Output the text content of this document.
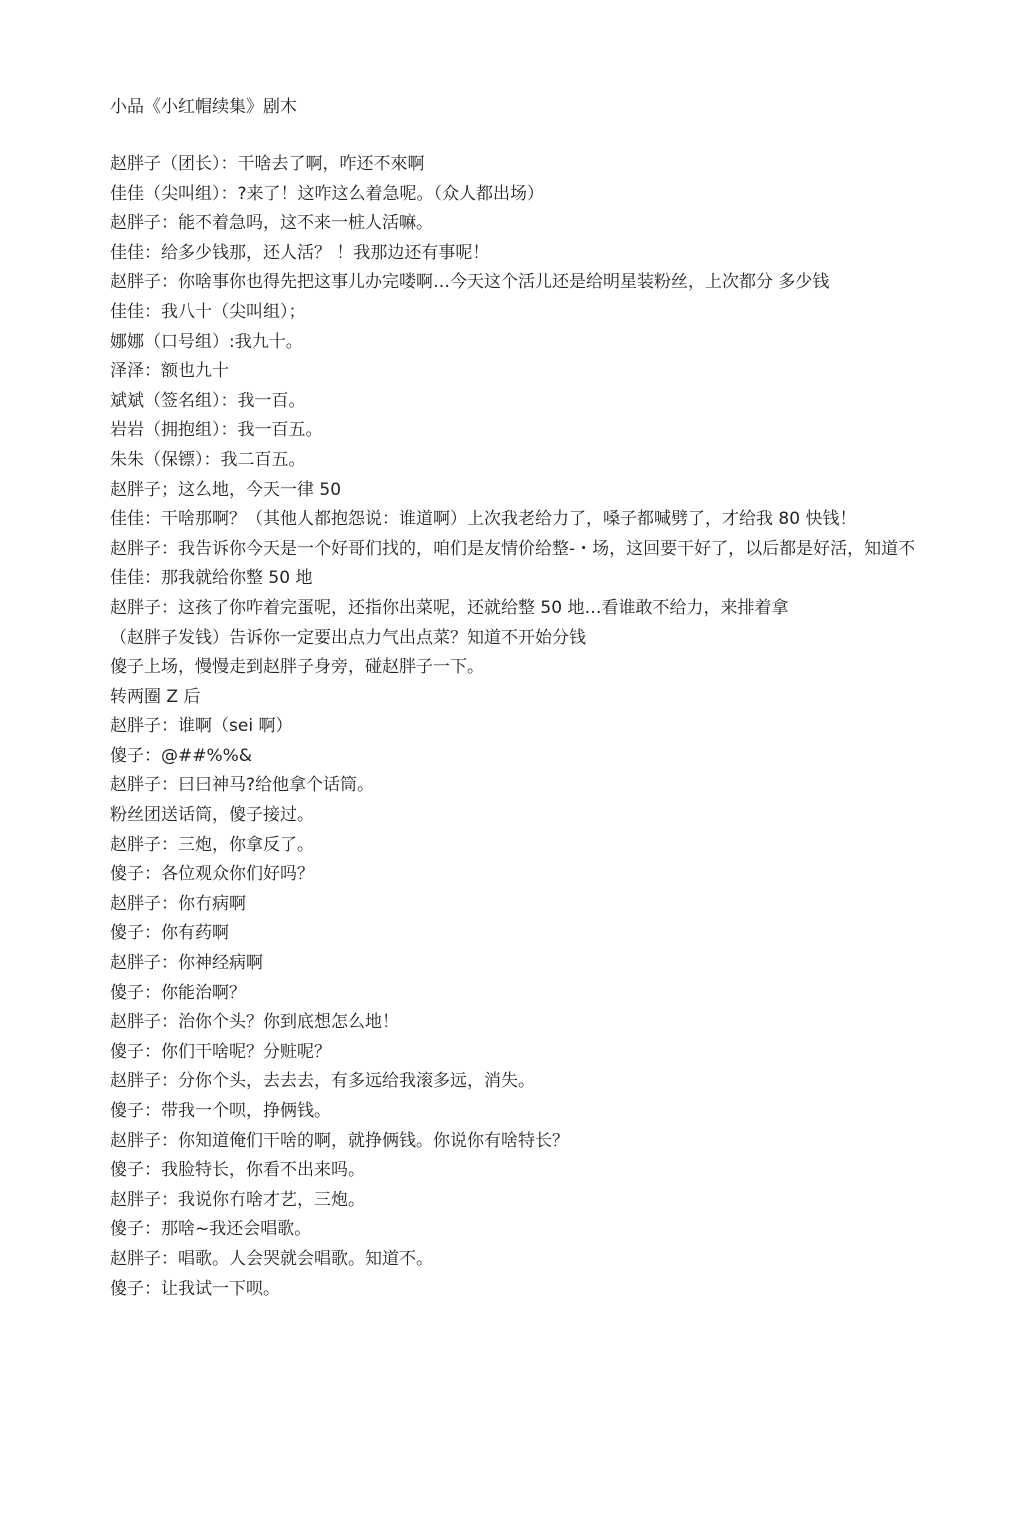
小品《小红帽续集》剧木
赵胖子（团长）：干啥去了啊，咋还不來啊
佳佳（尖叫组）：?来了！这咋这么着急呢。（众人都出场）
赵胖子：能不着急吗，这不来一桩人活嘛。
佳佳：给多少钱那，还人活？ ！我那边还有事呢！
赵胖子：你啥事你也得先把这事儿办完喽啊…今天这个活儿还是给明星装粉丝，上次都分 多少钱
佳佳：我八十（尖叫组）；
娜娜（口号组）:我九十。
泽泽：额也九十
斌斌（签名组）：我一百。
岩岩（拥抱组）：我一百五。
朱朱（保镖）：我二百五。
赵胖子；这么地，今天一律 50
佳佳：干啥那啊？（其他人都抱怨说：谁道啊）上次我老给力了，嗓子都喊劈了，才给我 80 快钱！
赵胖子：我告诉你今天是一个好哥们找的，咱们是友情价给整-・场，这回要干好了，以后都是好活，知道不
佳佳：那我就给你整 50 地
赵胖子：这孩了你咋着完蛋呢，还指你出菜呢，还就给整 50 地…看谁敢不给力，来排着拿
（赵胖子发钱）告诉你一定要出点力气出点菜？知道不开始分钱
傻子上场，慢慢走到赵胖子身旁，碰赵胖子一下。
转两圈 Z 后
赵胖子：谁啊（sei 啊）
傻子：@##%%&
赵胖子：曰曰神马?给他拿个话筒。
粉丝团送话筒，傻子接过。
赵胖子：三炮，你拿反了。
傻子：各位观众你们好吗？
赵胖子：你冇病啊
傻子：你有药啊
赵胖子：你神经病啊
傻子：你能治啊？
赵胖子：治你个头？你到底想怎么地！
傻子：你们干啥呢？分赃呢？
赵胖子：分你个头，去去去，有多远给我滚多远，消失。
傻子：带我一个呗，挣俩钱。
赵胖子：你知道俺们干啥的啊，就挣俩钱。你说你有啥特长？
傻子：我脸特长，你看不出来吗。
赵胖子：我说你冇啥才艺，三炮。
傻子：那啥~我还会唱歌。
赵胖子：唱歌。人会哭就会唱歌。知道不。
傻子：让我试一下呗。
